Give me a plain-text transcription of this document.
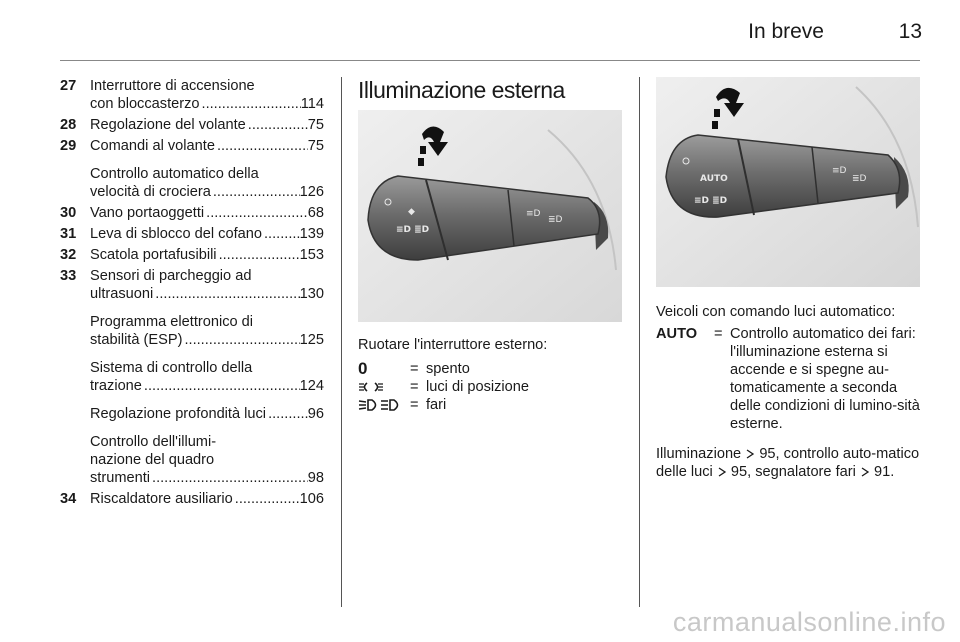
In breve	13
27 Interruttore di accensione
con bloccasterzo .....	114
28 Regolazione del volante .....	75
29 Comandi al volante .....	75
Controllo automatico della
velocità di crociera .....	126
30 Vano portaoggetti .....	68
31 Leva di sblocco del cofano .....	139
32 Scatola portafusibili .....	153
33 Sensori di parcheggio ad
ultrasuoni .....	130
Programma elettronico di
stabilità (ESP) .....	125
Sistema di controllo della
trazione .....	124
Regolazione profondità luci .....	96
Controllo dell'illumi-
nazione del quadro
strumenti .....	98
34 Riscaldatore ausiliario .....	106
Illuminazione esterna
◆
≡D ≣D
≡D
≣D
Ruotare l'interruttore esterno:
0	= spento
= luci di posizione
= fari
AUTO
≡D ≣D
≡D
≣D
Veicoli con comando luci automatico:
AUTO	= Controllo automatico dei fari: l'illuminazione esterna si accende e si spegne au-tomaticamente a seconda delle condizioni di lumino-sità esterne.
Illuminazione 95, controllo auto-matico delle luci 95, segnalatore fari 91.
carmanualsonline.info
